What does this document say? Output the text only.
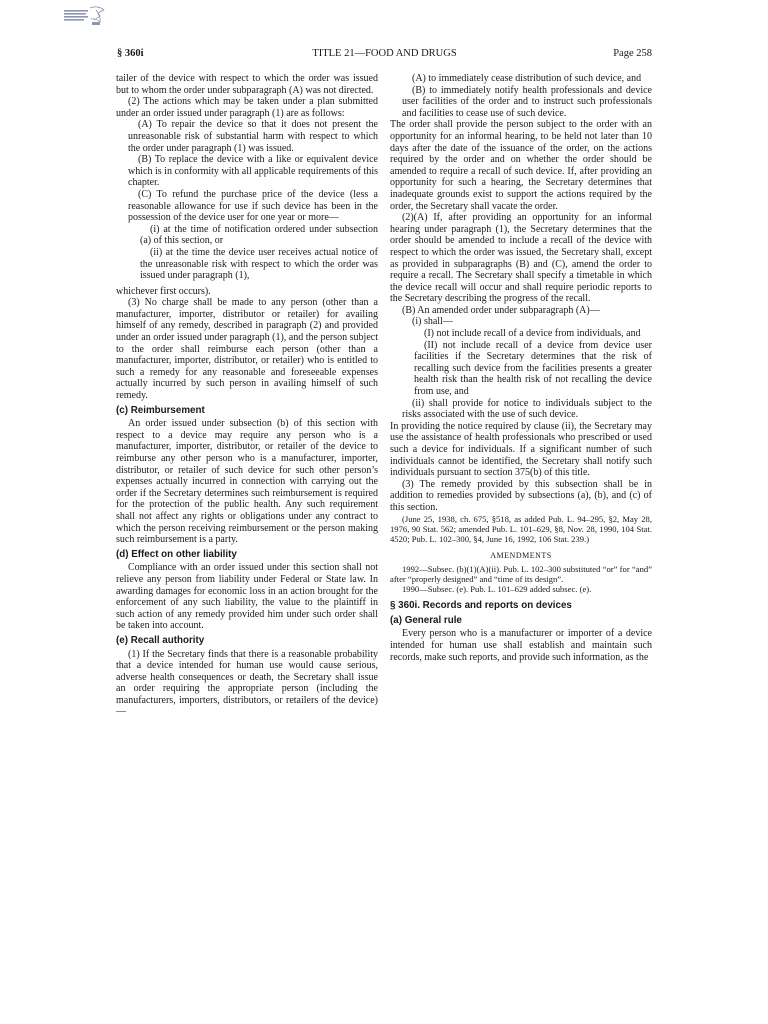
§ 360i	TITLE 21—FOOD AND DRUGS	Page 258
tailer of the device with respect to which the order was issued but to whom the order under subparagraph (A) was not directed.
(2) The actions which may be taken under a plan submitted under an order issued under paragraph (1) are as follows:
(A) To repair the device so that it does not present the unreasonable risk of substantial harm with respect to which the order under paragraph (1) was issued.
(B) To replace the device with a like or equivalent device which is in conformity with all applicable requirements of this chapter.
(C) To refund the purchase price of the device (less a reasonable allowance for use if such device has been in the possession of the device user for one year or more—
(i) at the time of notification ordered under subsection (a) of this section, or
(ii) at the time the device user receives actual notice of the unreasonable risk with respect to which the order was issued under paragraph (1),
whichever first occurs).
(3) No charge shall be made to any person (other than a manufacturer, importer, distributor or retailer) for availing himself of any remedy, described in paragraph (2) and provided under an order issued under paragraph (1), and the person subject to the order shall reimburse each person (other than a manufacturer, importer, distributor, or retailer) who is entitled to such a remedy for any reasonable and foreseeable expenses actually incurred by such person in availing himself of such remedy.
(c) Reimbursement
An order issued under subsection (b) of this section with respect to a device may require any person who is a manufacturer, importer, distributor, or retailer of the device to reimburse any other person who is a manufacturer, importer, distributor, or retailer of such device for such other person’s expenses actually incurred in connection with carrying out the order if the Secretary determines such reimbursement is required for the protection of the public health. Any such requirement shall not affect any rights or obligations under any contract to which the person receiving reimbursement or the person making such reimbursement is a party.
(d) Effect on other liability
Compliance with an order issued under this section shall not relieve any person from liability under Federal or State law. In awarding damages for economic loss in an action brought for the enforcement of any such liability, the value to the plaintiff in such action of any remedy provided him under such order shall be taken into account.
(e) Recall authority
(1) If the Secretary finds that there is a reasonable probability that a device intended for human use would cause serious, adverse health consequences or death, the Secretary shall issue an order requiring the appropriate person (including the manufacturers, importers, distributors, or retailers of the device)—
(A) to immediately cease distribution of such device, and
(B) to immediately notify health professionals and device user facilities of the order and to instruct such professionals and facilities to cease use of such device.
The order shall provide the person subject to the order with an opportunity for an informal hearing, to be held not later than 10 days after the date of the issuance of the order, on the actions required by the order and on whether the order should be amended to require a recall of such device. If, after providing an opportunity for such a hearing, the Secretary determines that inadequate grounds exist to support the actions required by the order, the Secretary shall vacate the order.
(2)(A) If, after providing an opportunity for an informal hearing under paragraph (1), the Secretary determines that the order should be amended to include a recall of the device with respect to which the order was issued, the Secretary shall, except as provided in subparagraphs (B) and (C), amend the order to require a recall. The Secretary shall specify a timetable in which the device recall will occur and shall require periodic reports to the Secretary describing the progress of the recall.
(B) An amended order under subparagraph (A)—
(i) shall—
(I) not include recall of a device from individuals, and
(II) not include recall of a device from device user facilities if the Secretary determines that the risk of recalling such device from the facilities presents a greater health risk than the health risk of not recalling the device from use, and
(ii) shall provide for notice to individuals subject to the risks associated with the use of such device.
In providing the notice required by clause (ii), the Secretary may use the assistance of health professionals who prescribed or used such a device for individuals. If a significant number of such individuals cannot be identified, the Secretary shall notify such individuals pursuant to section 375(b) of this title.
(3) The remedy provided by this subsection shall be in addition to remedies provided by subsections (a), (b), and (c) of this section.
(June 25, 1938, ch. 675, §518, as added Pub. L. 94–295, §2, May 28, 1976, 90 Stat. 562; amended Pub. L. 101–629, §8, Nov. 28, 1990, 104 Stat. 4520; Pub. L. 102–300, §4, June 16, 1992, 106 Stat. 239.)
AMENDMENTS
1992—Subsec. (b)(1)(A)(ii). Pub. L. 102–300 substituted “or” for “and” after “properly designed” and “time of its design”.
1990—Subsec. (e). Pub. L. 101–629 added subsec. (e).
§ 360i. Records and reports on devices
(a) General rule
Every person who is a manufacturer or importer of a device intended for human use shall establish and maintain such records, make such reports, and provide such information, as the
